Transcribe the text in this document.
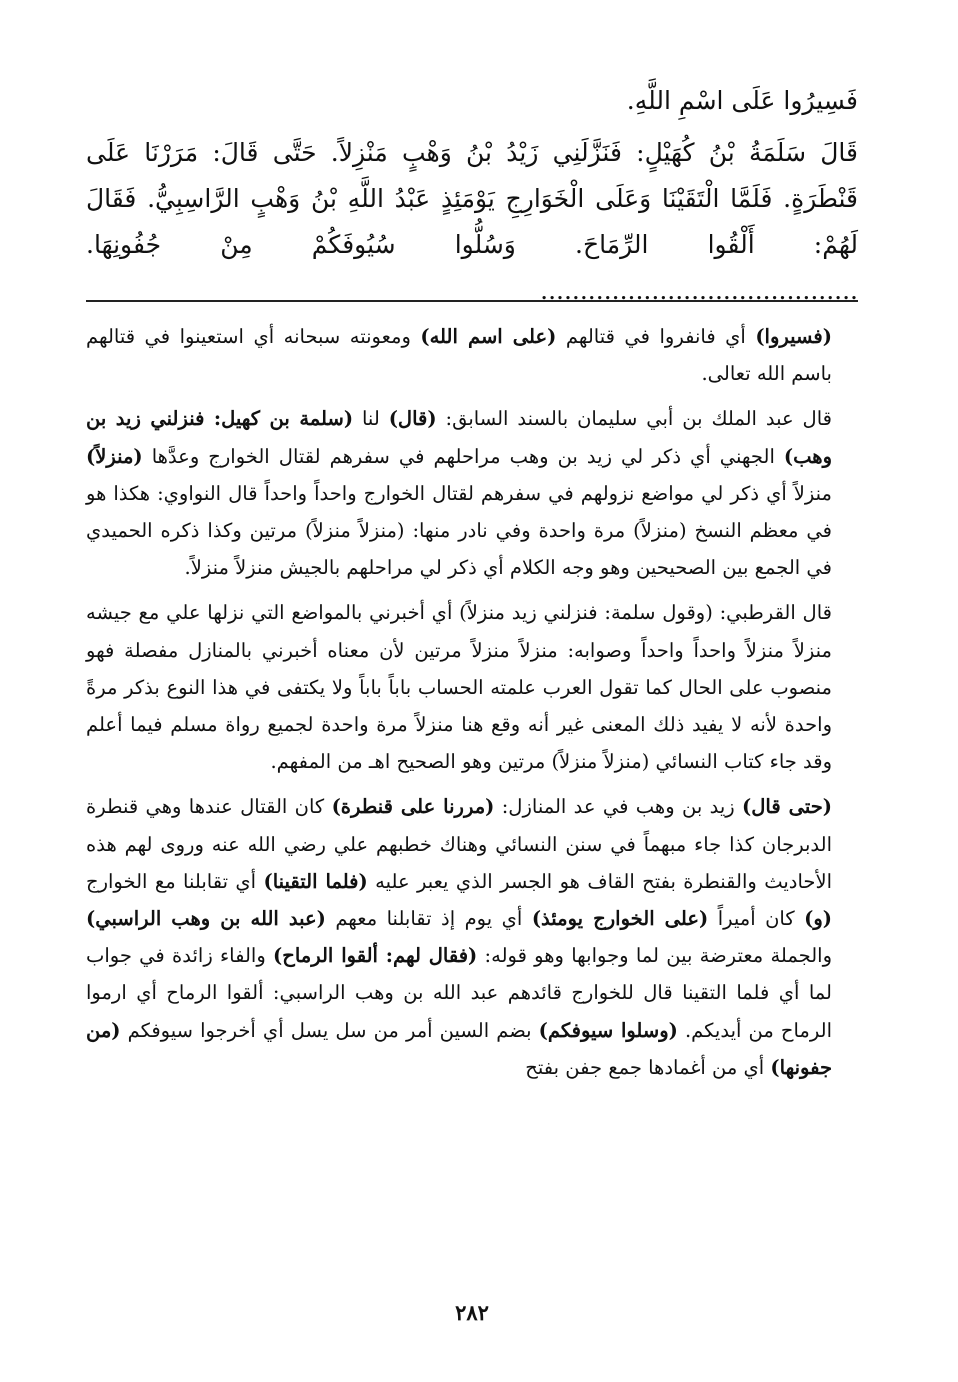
فَسِيرُوا عَلَى اسْمِ اللَّهِ.

قَالَ سَلَمَةُ بْنُ كُهَيْلٍ: فَنَزَّلَنِي زَيْدُ بْنُ وَهْبٍ مَنْزِلاً. حَتَّى قَالَ: مَرَرْنَا عَلَى قَنْطَرَةٍ. فَلَمَّا الْتَقَيْنَا وَعَلَى الْخَوَارِجِ يَوْمَئِذٍ عَبْدُ اللَّهِ بْنُ وَهْبٍ الرَّاسِبِيُّ. فَقَالَ لَهُمْ: أَلْقُوا الرِّمَاحَ. وَسُلُّوا سُيُوفَكُمْ مِنْ جُفُونِهَا. ........................................

(فسيروا) أي فانفروا في قتالهم (على اسم الله) ومعونته سبحانه أي استعينوا في قتالهم باسم الله تعالى.

قال عبد الملك بن أبي سليمان بالسند السابق: (قال) لنا (سلمة بن كهيل: فنزلني زيد بن وهب) الجهني أي ذكر لي زيد بن وهب مراحلهم في سفرهم لقتال الخوارج وعدَّها (منزلاً) منزلاً أي ذكر لي مواضع نزولهم في سفرهم لقتال الخوارج واحداً واحداً قال النواوي: هكذا هو في معظم النسخ (منزلاً) مرة واحدة وفي نادر منها: (منزلاً منزلاً) مرتين وكذا ذكره الحميدي في الجمع بين الصحيحين وهو وجه الكلام أي ذكر لي مراحلهم بالجيش منزلاً منزلاً.

قال القرطبي: (وقول سلمة: فنزلني زيد منزلاً) أي أخبرني بالمواضع التي نزلها علي مع جيشه منزلاً منزلاً واحداً واحداً وصوابه: منزلاً منزلاً مرتين لأن معناه أخبرني بالمنازل مفصلة فهو منصوب على الحال كما تقول العرب علمته الحساب باباً باباً ولا يكتفى في هذا النوع بذكر مرةً واحدة لأنه لا يفيد ذلك المعنى غير أنه وقع هنا منزلاً مرة واحدة لجميع رواة مسلم فيما أعلم وقد جاء كتاب النسائي (منزلاً منزلاً) مرتين وهو الصحيح اهـ من المفهم.

(حتى قال) زيد بن وهب في عد المنازل: (مررنا على قنطرة) كان القتال عندها وهي قنطرة الدبرجان كذا جاء مبهماً في سنن النسائي وهناك خطبهم علي رضي الله عنه وروى لهم هذه الأحاديث والقنطرة بفتح القاف هو الجسر الذي يعبر عليه (فلما التقينا) أي تقابلنا مع الخوارج (و) كان أميراً (على الخوارج يومئذ) أي يوم إذ تقابلنا معهم (عبد الله بن وهب الراسبي) والجملة معترضة بين لما وجوابها وهو قوله: (فقال لهم: ألقوا الرماح) والفاء زائدة في جواب لما أي فلما التقينا قال للخوارج قائدهم عبد الله بن وهب الراسبي: ألقوا الرماح أي ارموا الرماح من أيديكم. (وسلوا سيوفكم) بضم السين أمر من سل يسل أي أخرجوا سيوفكم (من جفونها) أي من أغمادها جمع جفن بفتح

٢٨٢
